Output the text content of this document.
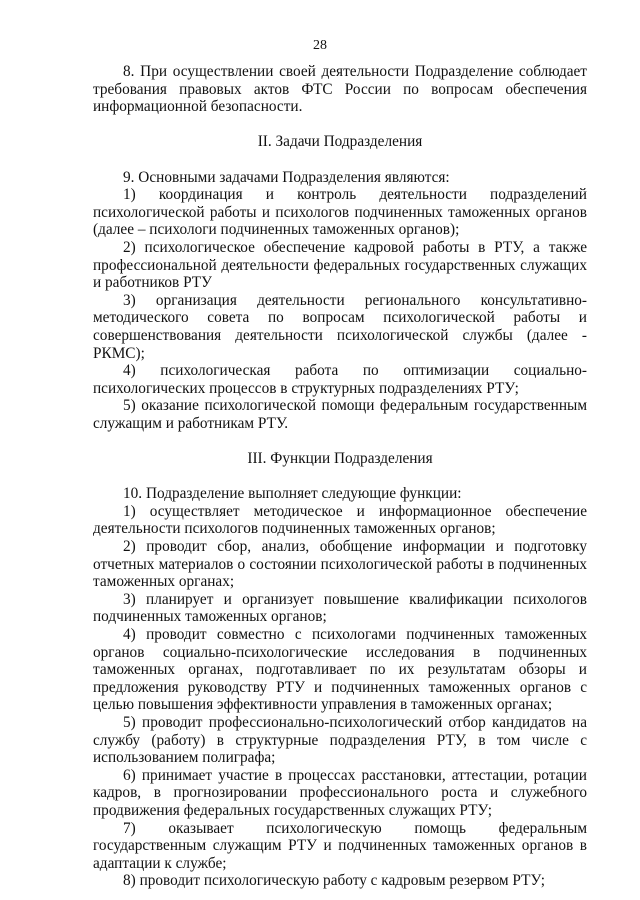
28

8. При осуществлении своей деятельности Подразделение соблюдает требования правовых актов ФТС России по вопросам обеспечения информационной безопасности.

II. Задачи Подразделения

9. Основными задачами Подразделения являются:

1) координация и контроль деятельности подразделений психологической работы и психологов подчиненных таможенных органов (далее – психологи подчиненных таможенных органов);

2) психологическое обеспечение кадровой работы в РТУ, а также профессиональной деятельности федеральных государственных служащих и работников РТУ

3) организация деятельности регионального консультативно-методического совета по вопросам психологической работы и совершенствования деятельности психологической службы (далее - РКМС);

4) психологическая работа по оптимизации социально-психологических процессов в структурных подразделениях РТУ;

5) оказание психологической помощи федеральным государственным служащим и работникам РТУ.

III. Функции Подразделения

10. Подразделение выполняет следующие функции:

1) осуществляет методическое и информационное обеспечение деятельности психологов подчиненных таможенных органов;

2) проводит сбор, анализ, обобщение информации и подготовку отчетных материалов о состоянии психологической работы в подчиненных таможенных органах;

3) планирует и организует повышение квалификации психологов подчиненных таможенных органов;

4) проводит совместно с психологами подчиненных таможенных органов социально-психологические исследования в подчиненных таможенных органах, подготавливает по их результатам обзоры и предложения руководству РТУ и подчиненных таможенных органов с целью повышения эффективности управления в таможенных органах;

5) проводит профессионально-психологический отбор кандидатов на службу (работу) в структурные подразделения РТУ, в том числе с использованием полиграфа;

6) принимает участие в процессах расстановки, аттестации, ротации кадров, в прогнозировании профессионального роста и служебного продвижения федеральных государственных служащих РТУ;

7) оказывает психологическую помощь федеральным государственным служащим РТУ и подчиненных таможенных органов в адаптации к службе;

8) проводит психологическую работу с кадровым резервом РТУ;
